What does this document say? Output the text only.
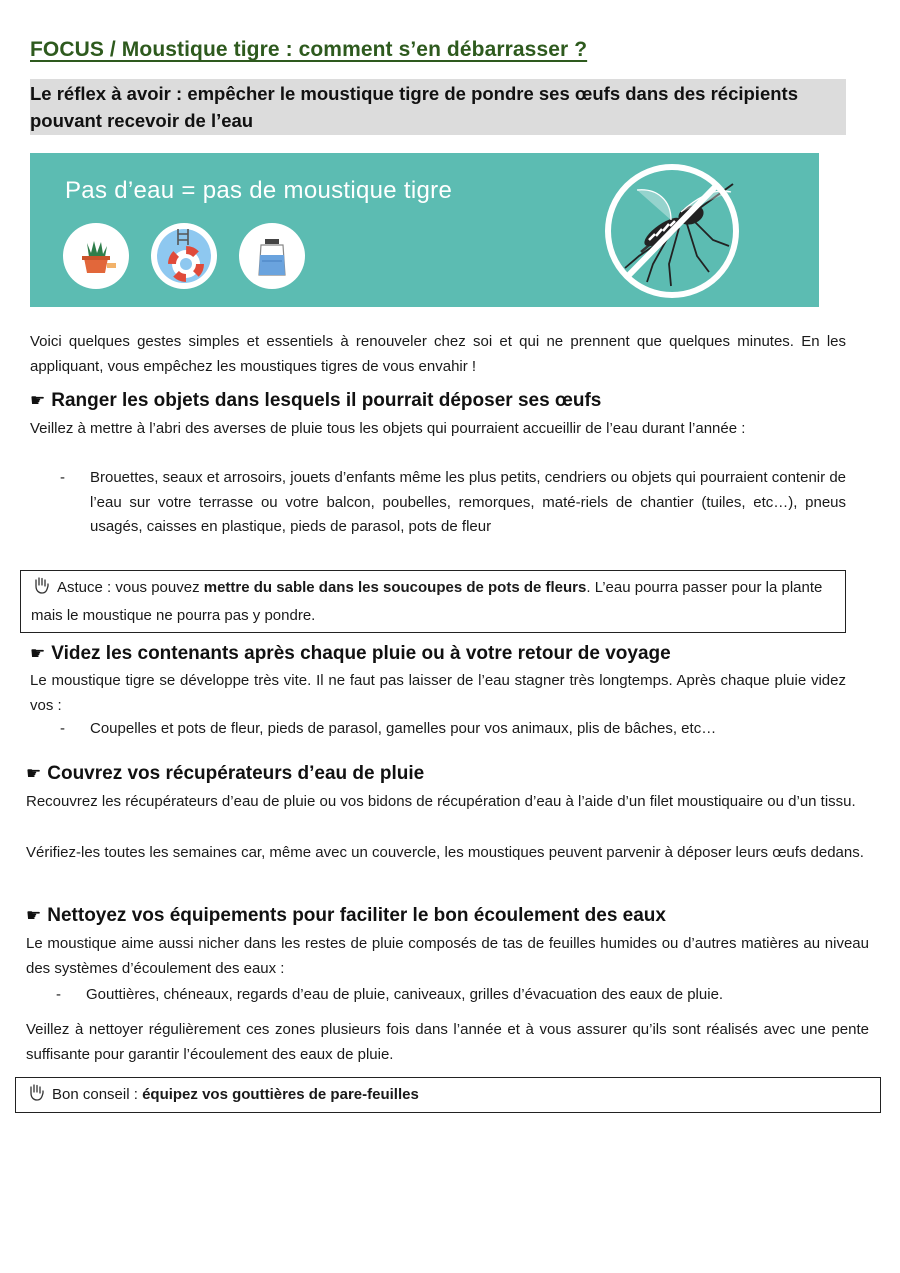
FOCUS / Moustique tigre : comment s’en débarrasser ?
Le réflex à avoir : empêcher le moustique tigre de pondre ses œufs dans des récipients pouvant recevoir de l’eau
Pas d’eau = pas de moustique tigre
Voici quelques gestes simples et essentiels à renouveler chez soi et qui ne prennent que quelques minutes. En les appliquant, vous empêchez les moustiques tigres de vous envahir !
☛ Ranger les objets dans lesquels il pourrait déposer ses œufs
Veillez à mettre à l’abri des averses de pluie tous les objets qui pourraient accueillir de l’eau durant l’année :
- Brouettes, seaux et arrosoirs, jouets d’enfants même les plus petits, cendriers ou objets qui pourraient contenir de l’eau sur votre terrasse ou votre balcon, poubelles, remorques, maté-riels de chantier (tuiles, etc…), pneus usagés, caisses en plastique, pieds de parasol, pots de fleur
Astuce : vous pouvez mettre du sable dans les soucoupes de pots de fleurs. L’eau pourra passer pour la plante mais le moustique ne pourra pas y pondre.
☛ Videz les contenants après chaque pluie ou à votre retour de voyage
Le moustique tigre se développe très vite. Il ne faut pas laisser de l’eau stagner très longtemps. Après chaque pluie videz vos :
- Coupelles et pots de fleur, pieds de parasol, gamelles pour vos animaux, plis de bâches, etc…
☛ Couvrez vos récupérateurs d’eau de pluie
Recouvrez les récupérateurs d’eau de pluie ou vos bidons de récupération d’eau à l’aide d’un filet moustiquaire ou d’un tissu.
Vérifiez-les toutes les semaines car, même avec un couvercle, les moustiques peuvent parvenir à déposer leurs œufs dedans.
☛ Nettoyez vos équipements pour faciliter le bon écoulement des eaux
Le moustique aime aussi nicher dans les restes de pluie composés de tas de feuilles humides ou d’autres matières au niveau des systèmes d’écoulement des eaux :
- Gouttières, chéneaux, regards d’eau de pluie, caniveaux, grilles d’évacuation des eaux de pluie.
Veillez à nettoyer régulièrement ces zones plusieurs fois dans l’année et à vous assurer qu’ils sont réalisés avec une pente suffisante pour garantir l’écoulement des eaux de pluie.
Bon conseil : équipez vos gouttières de pare-feuilles
